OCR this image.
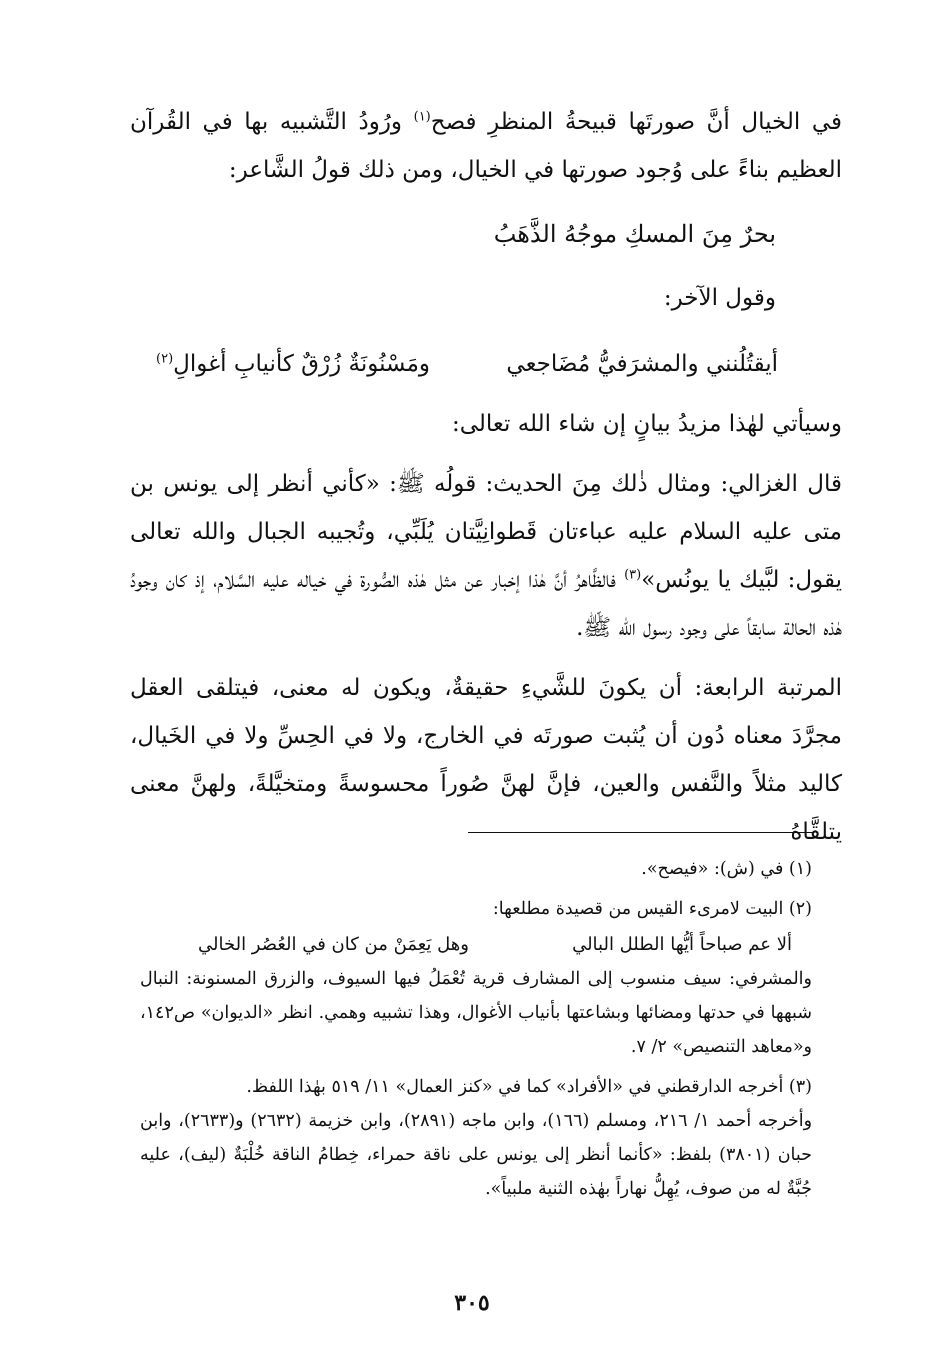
في الخيال أنَّ صورتَها قبيحةُ المنظرِ فصح$^{(١)}$ ورُودُ التَّشبيه بها في القُرآن العظيم بناءً على وُجود صورتها في الخيال، ومن ذلك قولُ الشَّاعر:

بحرٌ مِنَ المسكِ موجُهُ الذَّهَبُ

وقول الآخر:

أيقتُلُنني والمشرَفيُّ مُضَاجعي
ومَسْنُونَةٌ زُرْقٌ كأنيابِ أغوالِ$^{(٢)}$

وسيأتي لهٰذا مزيدُ بيانٍ إن شاء الله تعالى:

قال الغزالي: ومثال ذٰلك مِنَ الحديث: قولُه ﷺ: «كأني أنظر إلى يونس بن متى عليه السلام عليه عباءتان قَطوانِيَّتان يُلَبِّي، وتُجيبه الجبال والله تعالى يقول: لبَّيك يا يونُس»$^{(٣)}$ فالظَّاهرُ أنَّ هٰذا إخبار عن مثل هٰذه الصُّورة في خياله عليه السَّلام، إذ كان وجودُ هٰذه الحالة سابقاً على وجود رسول الله ﷺ.

المرتبة الرابعة: أن يكونَ للشَّيءِ حقيقةٌ، ويكون له معنى، فيتلقى العقل مجرَّدَ معناه دُون أن يُثبت صورتَه في الخارج، ولا في الحِسِّ ولا في الخَيال، كاليد مثلاً والنَّفس والعين، فإنَّ لهنَّ صُوراً محسوسةً ومتخيَّلةً، ولهنَّ معنى يتلقَّاهُ

(١) في (ش): «فيصح».

(٢) البيت لامرىء القيس من قصيدة مطلعها:

ألا عم صباحاً أيُّها الطلل البالي
وهل يَعِمَنْ من كان في العُصُر الخالي

والمشرفي: سيف منسوب إلى المشارف قرية تُعْمَلُ فيها السيوف، والزرق المسنونة: النبال شبهها في حدتها ومضائها وبشاعتها بأنياب الأغوال، وهذا تشبيه وهمي. انظر «الديوان» ص١٤٢، و«معاهد التنصيص» ٢/ ٧.

(٣) أخرجه الدارقطني في «الأفراد» كما في «كنز العمال» ١١/ ٥١٩ بهٰذا اللفظ.

وأخرجه أحمد ١/ ٢١٦، ومسلم (١٦٦)، وابن ماجه (٢٨٩١)، وابن خزيمة (٢٦٣٢) و(٢٦٣٣)، وابن حبان (٣٨٠١) بلفظ: «كأنما أنظر إلى يونس على ناقة حمراء، خِطامُ الناقة خُلْبَةٌ (ليف)، عليه جُبَّةٌ له من صوف، يُهِلُّ نهاراً بهٰذه الثنية ملبياً».

٣٠٥
